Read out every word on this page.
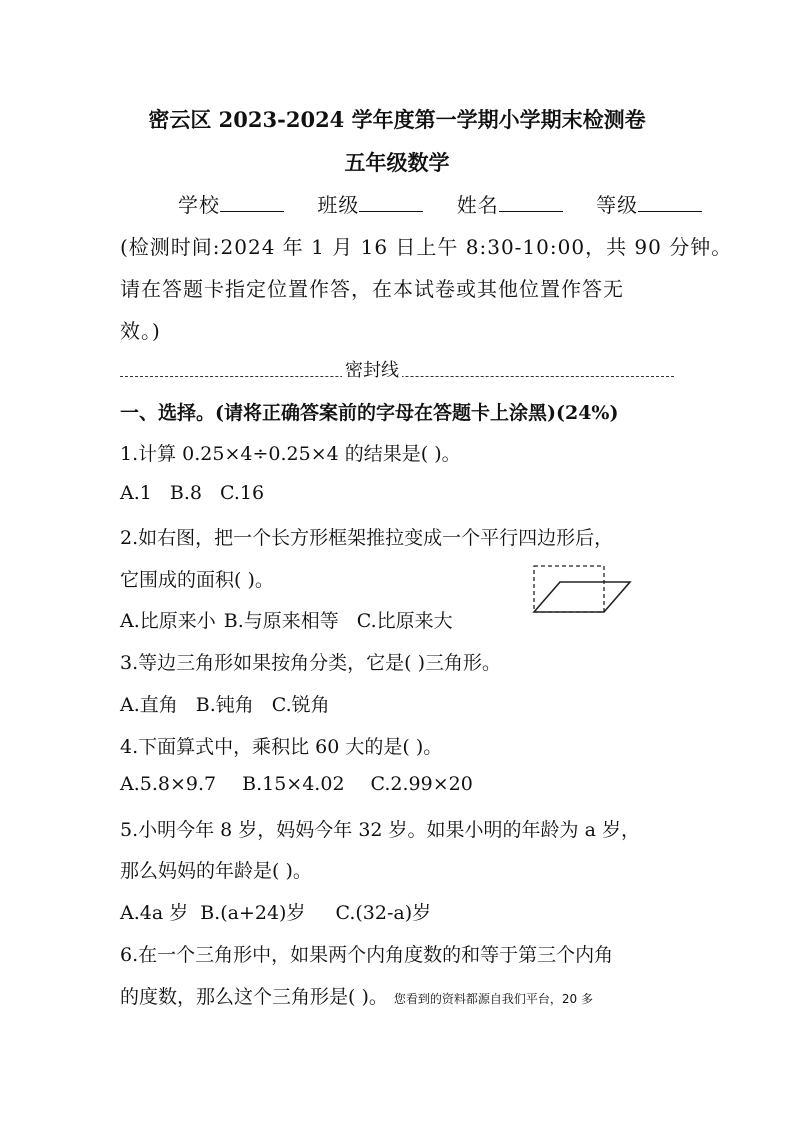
密云区 2023-2024 学年度第一学期小学期末检测卷
五年级数学
学校	班级	姓名	等级
(检测时间:2024 年 1 月 16 日上午 8:30-10:00，共 90 分钟。
请在答题卡指定位置作答，在本试卷或其他位置作答无
效。)
密封线
一、选择。(请将正确答案前的字母在答题卡上涂黑)(24%)
1.计算 0.25×4÷0.25×4 的结果是( )。
A.1 B.8 C.16
2.如右图，把一个长方形框架推拉变成一个平行四边形后，
它围成的面积( )。
A.比原来小 B.与原来相等 C.比原来大
3.等边三角形如果按角分类，它是( )三角形。
A.直角 B.钝角 C.锐角
4.下面算式中，乘积比 60 大的是( )。
A.5.8×9.7 B.15×4.02 C.2.99×20
5.小明今年 8 岁，妈妈今年 32 岁。如果小明的年龄为 a 岁，
那么妈妈的年龄是( )。
A.4a 岁 B.(a+24)岁 C.(32-a)岁
6.在一个三角形中，如果两个内角度数的和等于第三个内角
的度数，那么这个三角形是( )。 您看到的资料都源自我们平台，20 多
